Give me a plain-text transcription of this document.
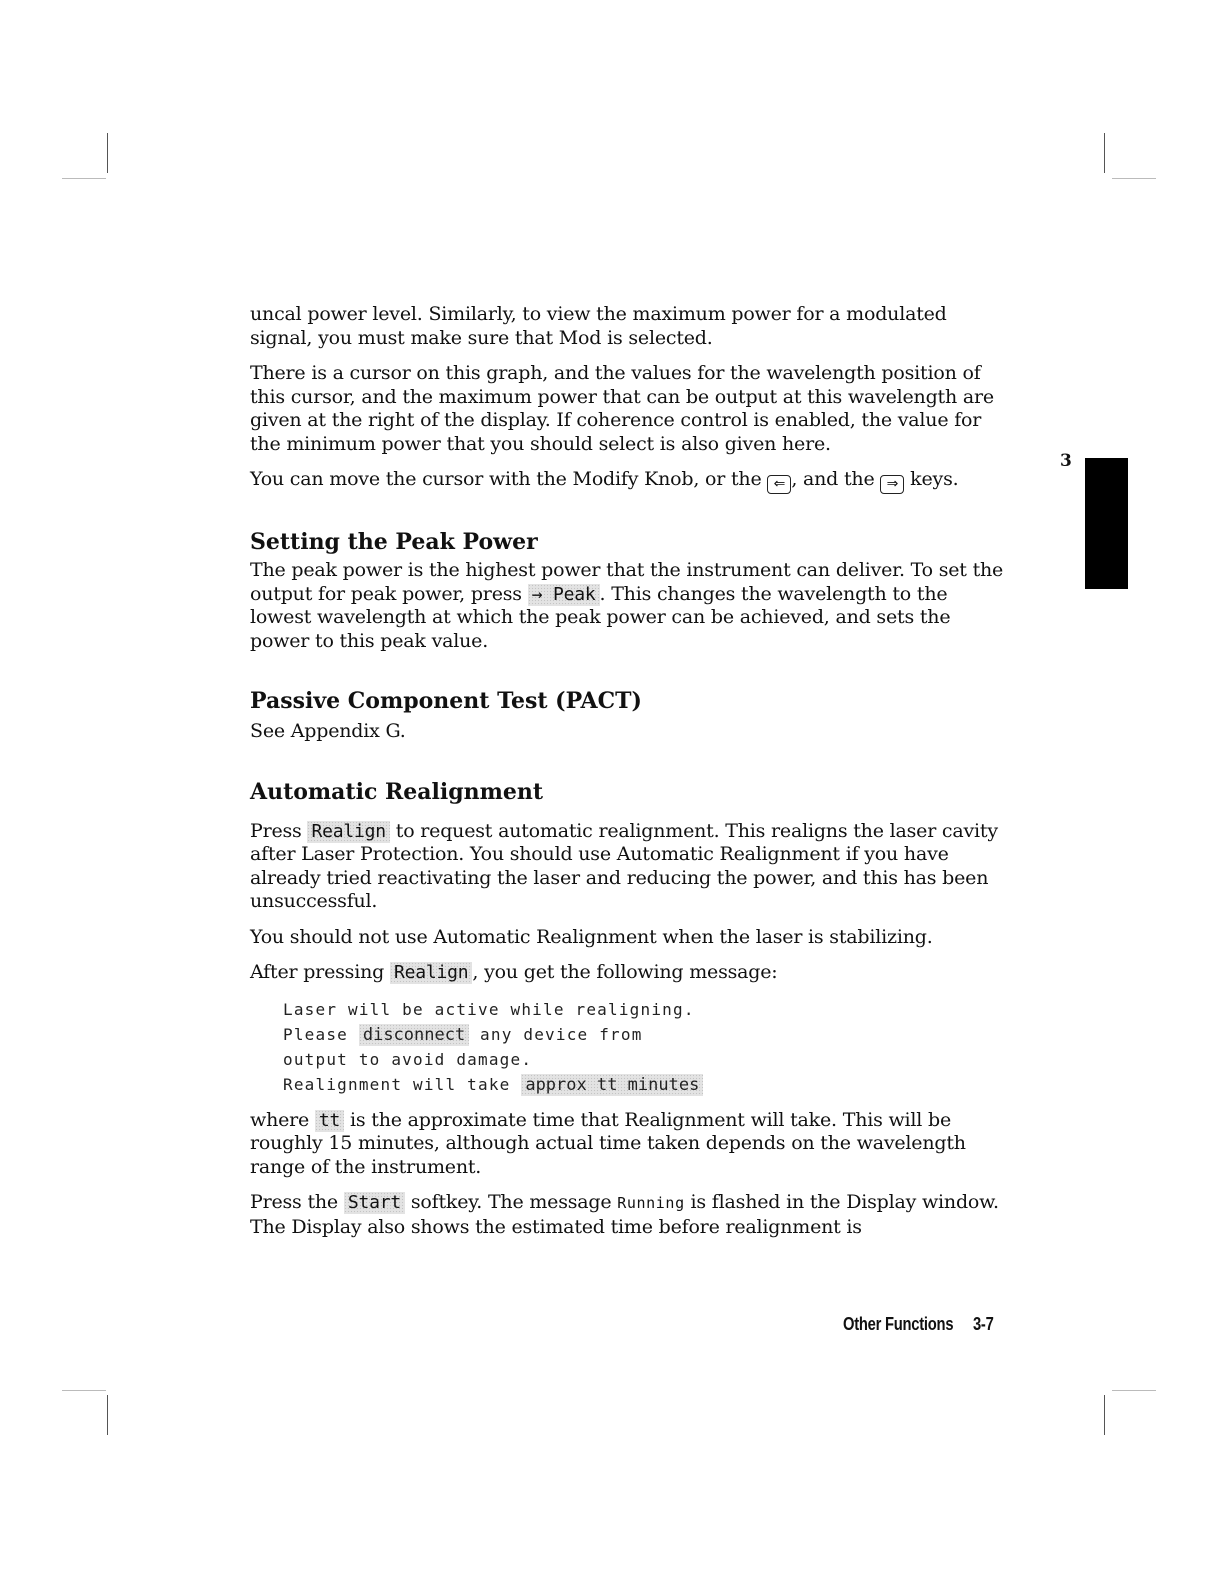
3

uncal power level. Similarly, to view the maximum power for a modulated signal, you must make sure that Mod is selected.

There is a cursor on this graph, and the values for the wavelength position of this cursor, and the maximum power that can be output at this wavelength are given at the right of the display. If coherence control is enabled, the value for the minimum power that you should select is also given here.

You can move the cursor with the Modify Knob, or the ⇐ , and the ⇒ keys.

Setting the Peak Power

The peak power is the highest power that the instrument can deliver. To set the output for peak power, press → Peak . This changes the wavelength to the lowest wavelength at which the peak power can be achieved, and sets the power to this peak value.

Passive Component Test (PACT)

See Appendix G.

Automatic Realignment

Press Realign to request automatic realignment. This realigns the laser cavity after Laser Protection. You should use Automatic Realignment if you have already tried reactivating the laser and reducing the power, and this has been unsuccessful.

You should not use Automatic Realignment when the laser is stabilizing.

After pressing Realign , you get the following message:

Laser will be active while realigning.
Please disconnect any device from
output to avoid damage.
Realignment will take approx tt minutes

where tt is the approximate time that Realignment will take. This will be roughly 15 minutes, although actual time taken depends on the wavelength range of the instrument.

Press the Start softkey. The message Running is flashed in the Display window. The Display also shows the estimated time before realignment is

Other Functions 3-7
